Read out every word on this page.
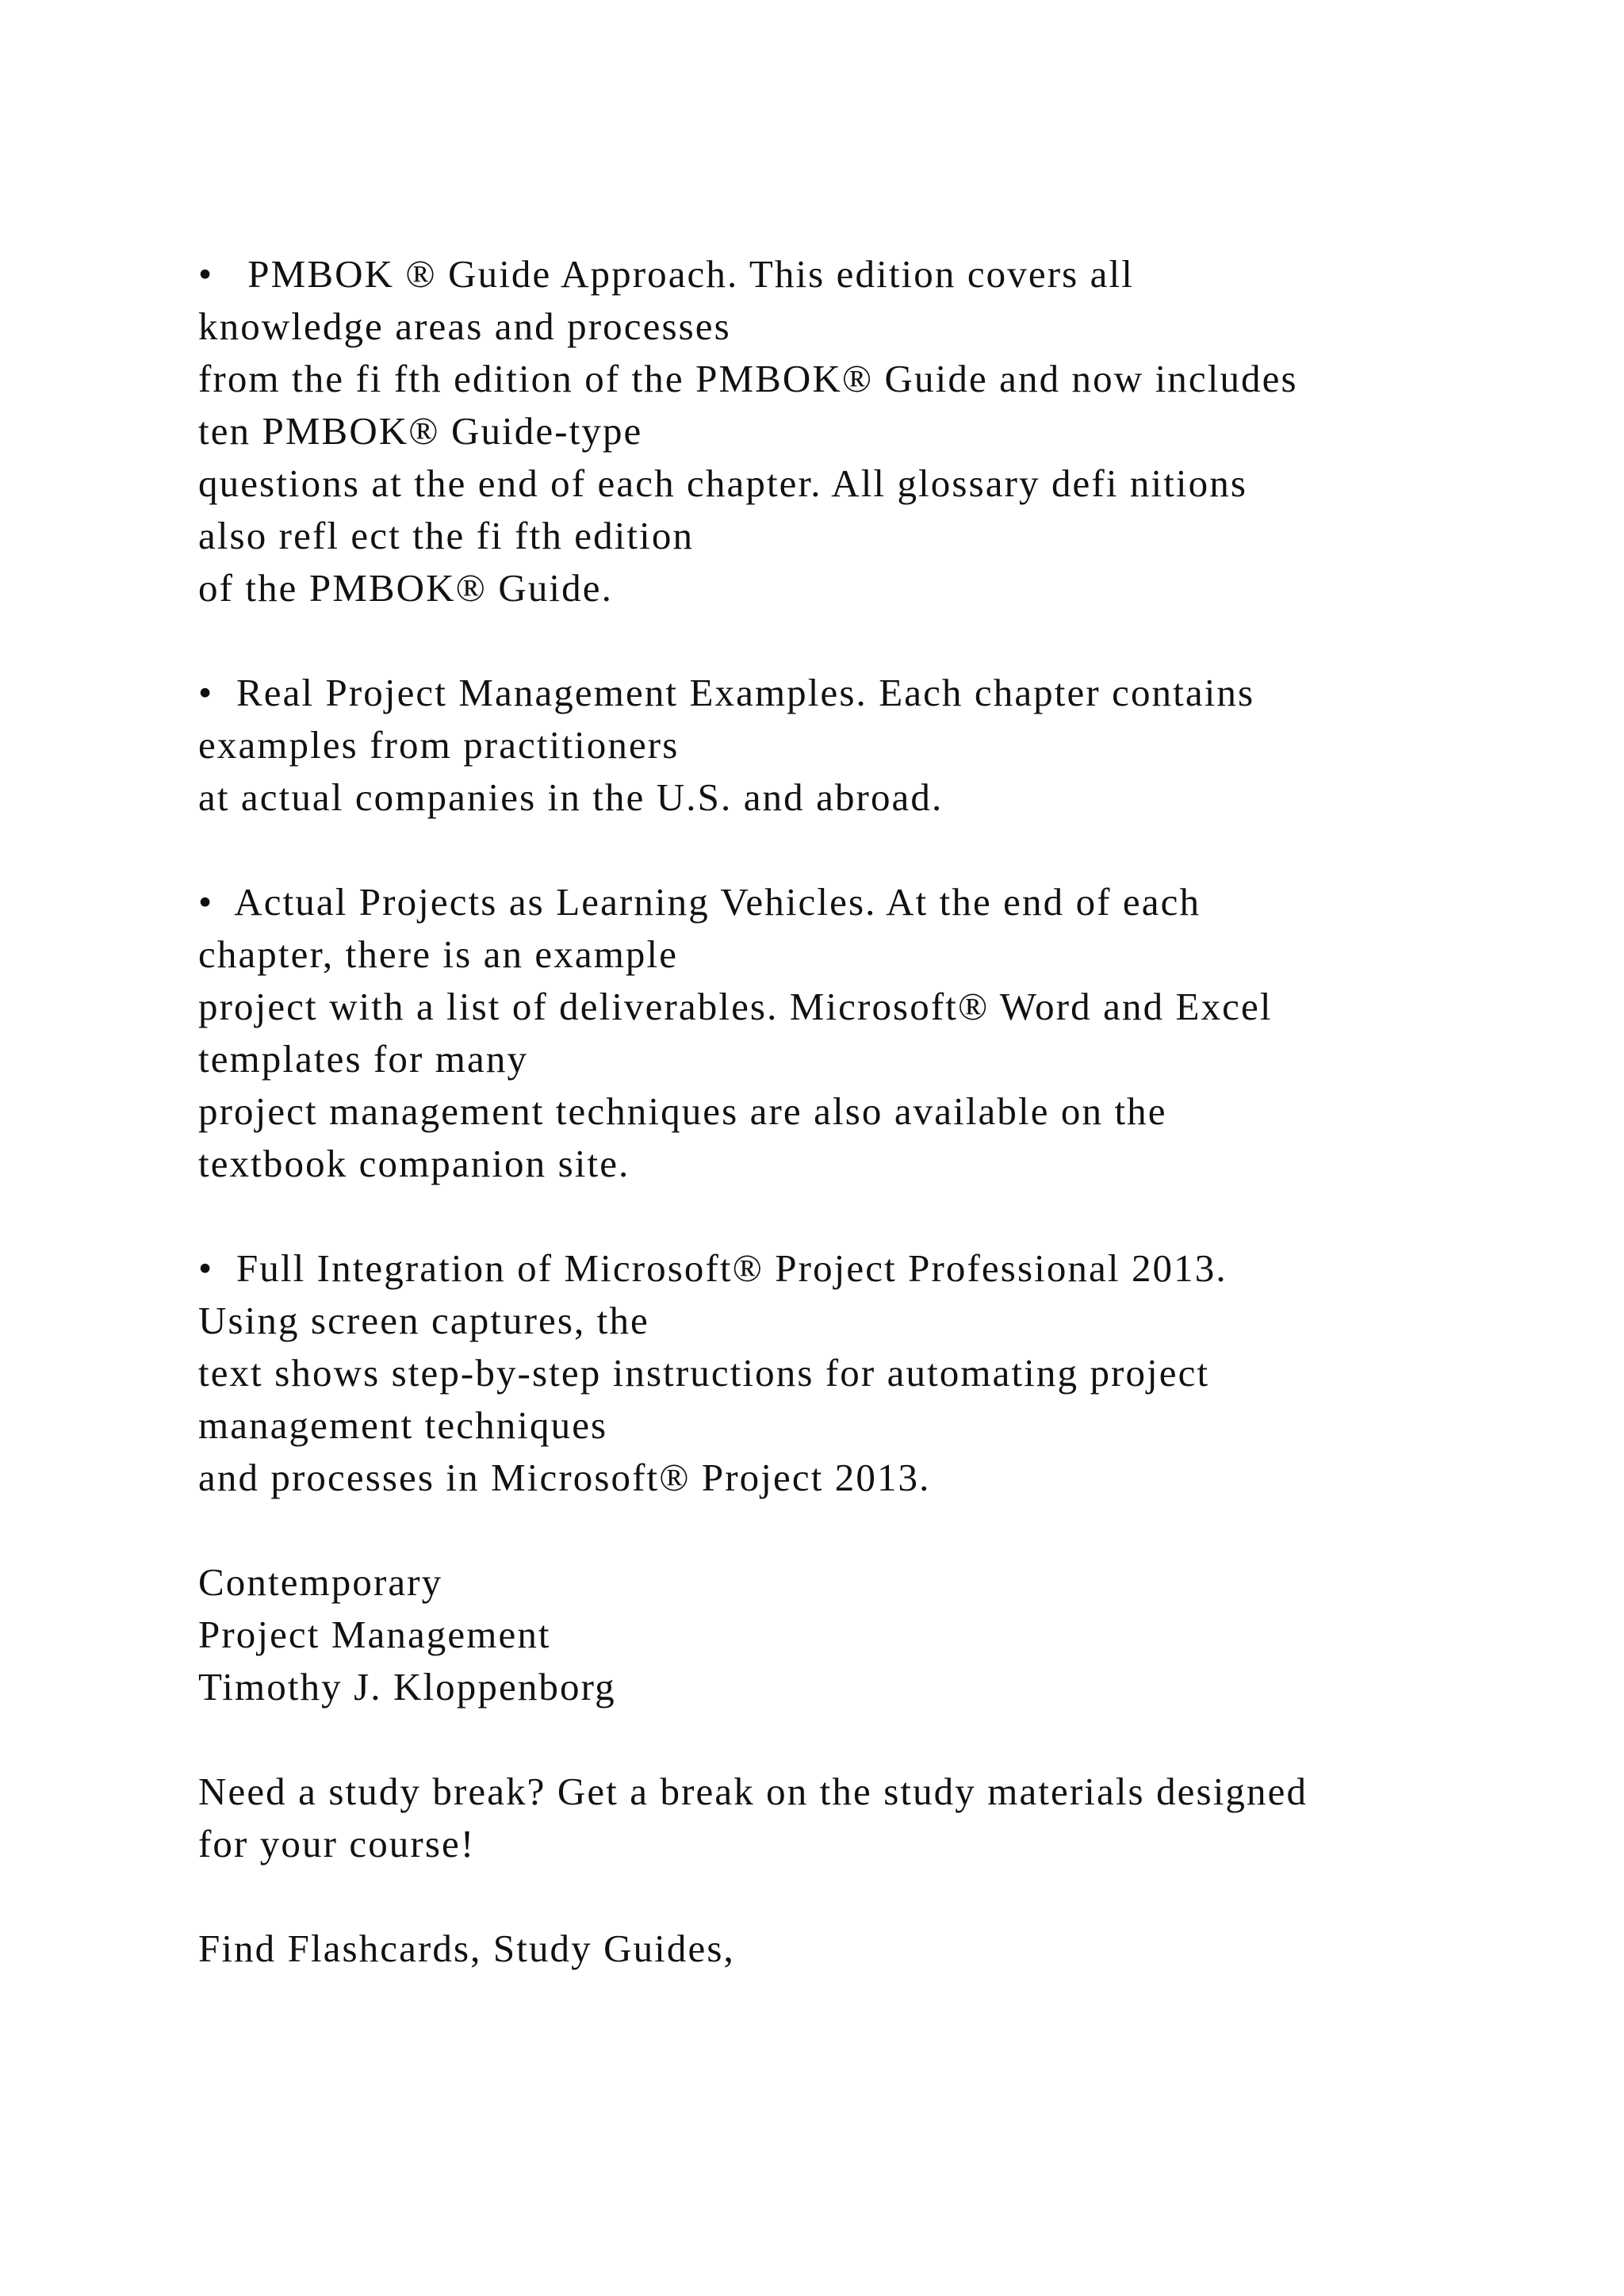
•   PMBOK ® Guide Approach. This edition covers all
knowledge areas and processes
from the fi fth edition of the PMBOK® Guide and now includes
ten PMBOK® Guide-type
questions at the end of each chapter. All glossary defi nitions
also refl ect the fi fth edition
of the PMBOK® Guide.
•  Real Project Management Examples. Each chapter contains
examples from practitioners
at actual companies in the U.S. and abroad.
•  Actual Projects as Learning Vehicles. At the end of each
chapter, there is an example
project with a list of deliverables. Microsoft® Word and Excel
templates for many
project management techniques are also available on the
textbook companion site.
•  Full Integration of Microsoft® Project Professional 2013.
Using screen captures, the
text shows step-by-step instructions for automating project
management techniques
and processes in Microsoft® Project 2013.
Contemporary
Project Management
Timothy J. Kloppenborg
Need a study break? Get a break on the study materials designed
for your course!
Find Flashcards, Study Guides,
